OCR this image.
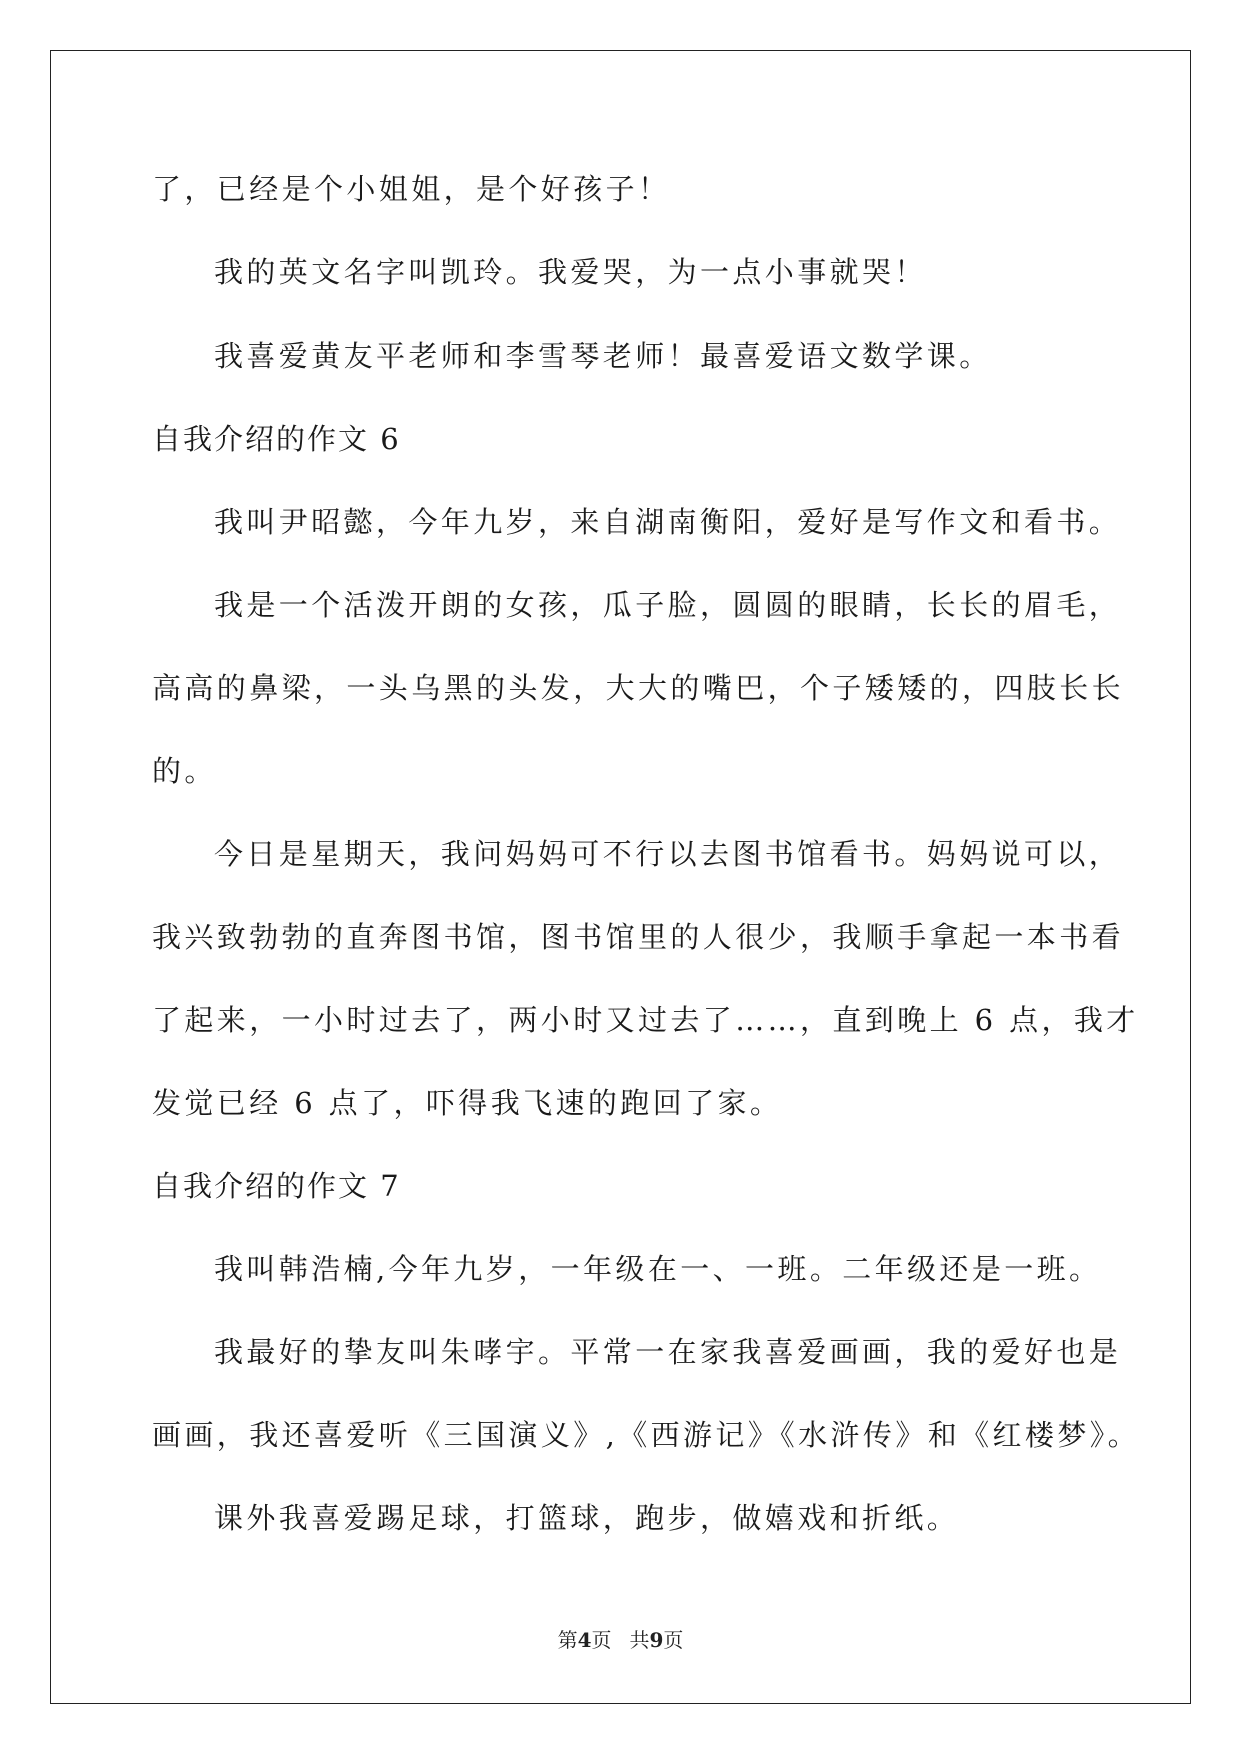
了，已经是个小姐姐，是个好孩子！
我的英文名字叫凯玲。我爱哭，为一点小事就哭！
我喜爱黄友平老师和李雪琴老师！最喜爱语文数学课。
自我介绍的作文 6
我叫尹昭懿，今年九岁，来自湖南衡阳，爱好是写作文和看书。
我是一个活泼开朗的女孩，瓜子脸，圆圆的眼睛，长长的眉毛，
高高的鼻梁，一头乌黑的头发，大大的嘴巴，个子矮矮的，四肢长长
的。
今日是星期天，我问妈妈可不行以去图书馆看书。妈妈说可以，
我兴致勃勃的直奔图书馆，图书馆里的人很少，我顺手拿起一本书看
了起来，一小时过去了，两小时又过去了……，直到晚上 6 点，我才
发觉已经 6 点了，吓得我飞速的跑回了家。
自我介绍的作文 7
我叫韩浩楠,今年九岁，一年级在一、一班。二年级还是一班。
我最好的挚友叫朱哮宇。平常一在家我喜爱画画，我的爱好也是
画画，我还喜爱听《三国演义》,《西游记》《水浒传》和《红楼梦》。
课外我喜爱踢足球，打篮球，跑步，做嬉戏和折纸。
第4页 共9页
